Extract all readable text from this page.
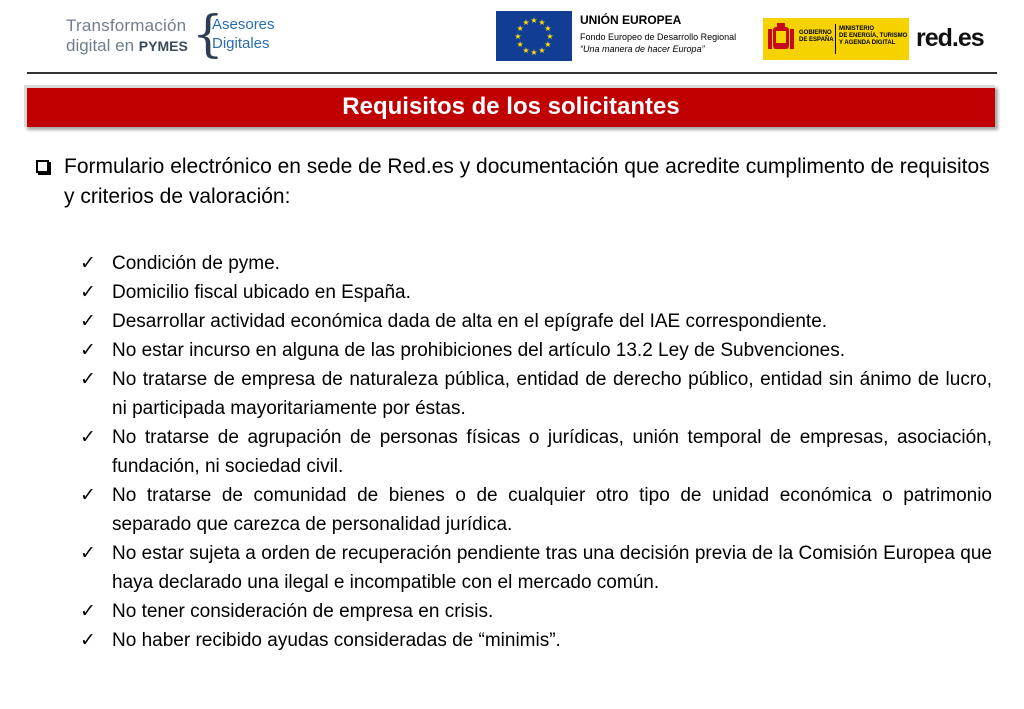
Transformación
digital en PYMES {
Asesores
Digitales	★
★
★
★
★
★
★
★
★ ★ ★
★
UNIÓN EUROPEA
Fondo Europeo de Desarrollo Regional
“Una manera de hacer Europa”
GOBIERNO
DE ESPAÑA
MINISTERIO
DE ENERGÍA, TURISMO
Y AGENDA DIGITAL red.es
Requisitos de los solicitantes
Formulario electrónico en sede de Red.es y documentación que acredite cumplimento de requisitos y criterios de valoración:
✓ Condición de pyme.
✓ Domicilio fiscal ubicado en España.
✓ Desarrollar actividad económica dada de alta en el epígrafe del IAE correspondiente.
✓ No estar incurso en alguna de las prohibiciones del artículo 13.2 Ley de Subvenciones.
✓ No tratarse de empresa de naturaleza pública, entidad de derecho público, entidad sin ánimo de lucro, ni participada mayoritariamente por éstas.
✓ No tratarse de agrupación de personas físicas o jurídicas, unión temporal de empresas, asociación, fundación, ni sociedad civil.
✓ No tratarse de comunidad de bienes o de cualquier otro tipo de unidad económica o patrimonio separado que carezca de personalidad jurídica.
✓ No estar sujeta a orden de recuperación pendiente tras una decisión previa de la Comisión Europea que haya declarado una ilegal e incompatible con el mercado común.
✓ No tener consideración de empresa en crisis.
✓ No haber recibido ayudas consideradas de “minimis”.
